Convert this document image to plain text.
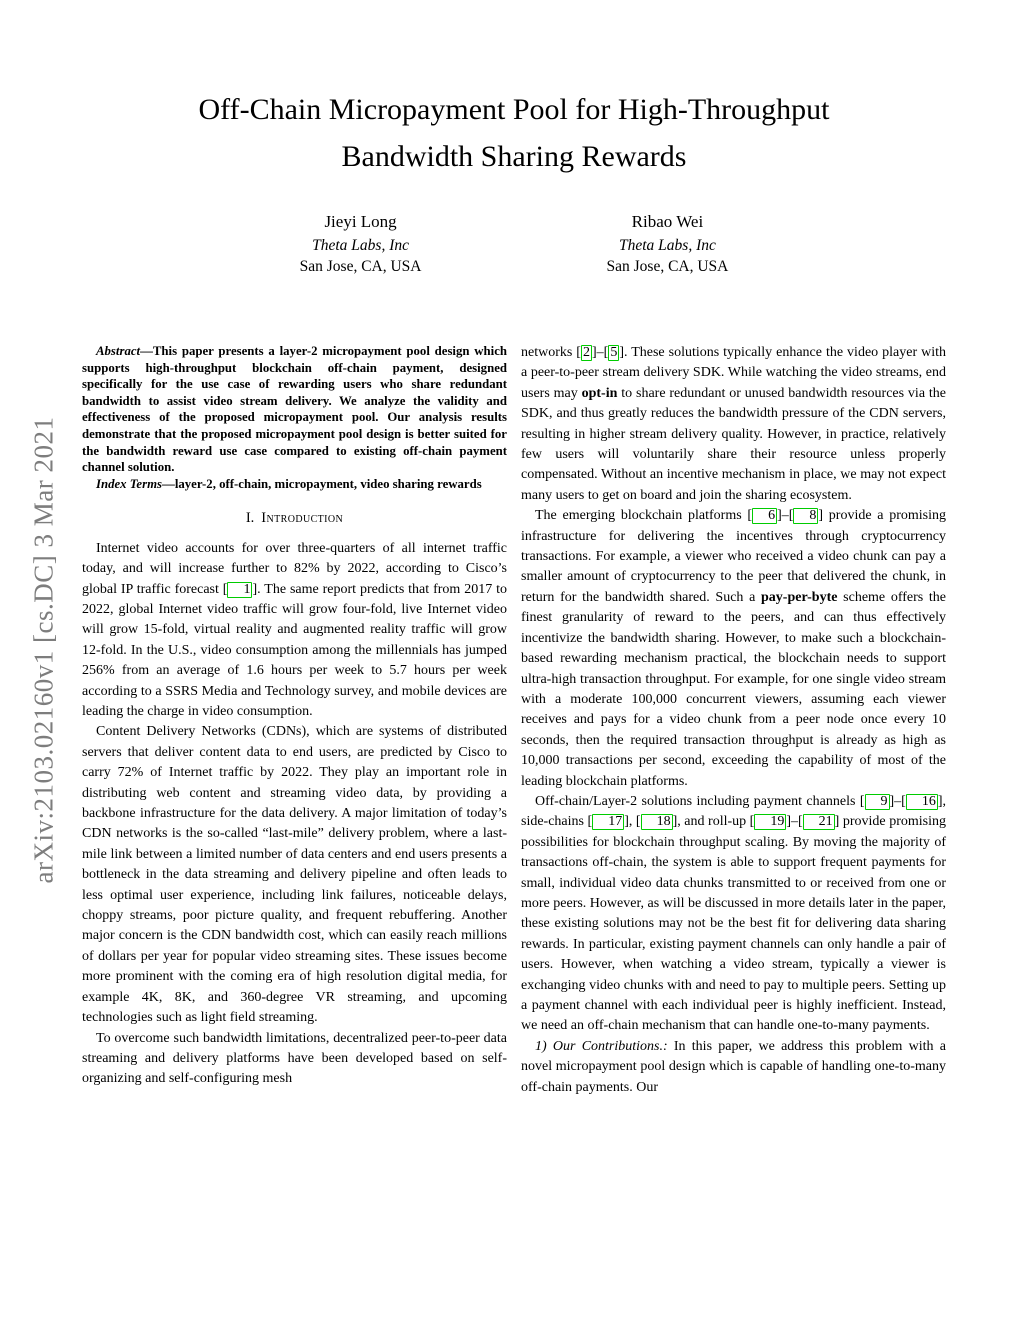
arXiv:2103.02160v1 [cs.DC] 3 Mar 2021
Off-Chain Micropayment Pool for High-Throughput
Bandwidth Sharing Rewards
Jieyi Long
Theta Labs, Inc
San Jose, CA, USA
Ribao Wei
Theta Labs, Inc
San Jose, CA, USA

Abstract—This paper presents a layer-2 micropayment pool design which supports high-throughput blockchain off-chain payment, designed specifically for the use case of rewarding users who share redundant bandwidth to assist video stream delivery. We analyze the validity and effectiveness of the proposed micropayment pool. Our analysis results demonstrate that the proposed micropayment pool design is better suited for the bandwidth reward use case compared to existing off-chain payment channel solution.

Index Terms—layer-2, off-chain, micropayment, video sharing rewards

I. Introduction

Internet video accounts for over three-quarters of all internet traffic today, and will increase further to 82% by 2022, according to Cisco’s global IP traffic forecast [ 1 ]. The same report predicts that from 2017 to 2022, global Internet video traffic will grow four-fold, live Internet video will grow 15-fold, virtual reality and augmented reality traffic will grow 12-fold. In the U.S., video consumption among the millennials has jumped 256% from an average of 1.6 hours per week to 5.7 hours per week according to a SSRS Media and Technology survey, and mobile devices are leading the charge in video consumption.

Content Delivery Networks (CDNs), which are systems of distributed servers that deliver content data to end users, are predicted by Cisco to carry 72% of Internet traffic by 2022. They play an important role in distributing web content and streaming video data, by providing a backbone infrastructure for the data delivery. A major limitation of today’s CDN networks is the so-called “last-mile” delivery problem, where a last-mile link between a limited number of data centers and end users presents a bottleneck in the data streaming and delivery pipeline and often leads to less optimal user experience, including link failures, noticeable delays, choppy streams, poor picture quality, and frequent rebuffering. Another major concern is the CDN bandwidth cost, which can easily reach millions of dollars per year for popular video streaming sites. These issues become more prominent with the coming era of high resolution digital media, for example 4K, 8K, and 360-degree VR streaming, and upcoming technologies such as light field streaming.

To overcome such bandwidth limitations, decentralized peer-to-peer data streaming and delivery platforms have been developed based on self-organizing and self-configuring mesh

networks [ 2 ]–[ 5 ]. These solutions typically enhance the video player with a peer-to-peer stream delivery SDK. While watching the video streams, end users may opt-in to share redundant or unused bandwidth resources via the SDK, and thus greatly reduces the bandwidth pressure of the CDN servers, resulting in higher stream delivery quality. However, in practice, relatively few users will voluntarily share their resource unless properly compensated. Without an incentive mechanism in place, we may not expect many users to get on board and join the sharing ecosystem.

The emerging blockchain platforms [ 6 ]–[ 8 ] provide a promising infrastructure for delivering the incentives through cryptocurrency transactions. For example, a viewer who received a video chunk can pay a smaller amount of cryptocurrency to the peer that delivered the chunk, in return for the bandwidth shared. Such a pay-per-byte scheme offers the finest granularity of reward to the peers, and can thus effectively incentivize the bandwidth sharing. However, to make such a blockchain-based rewarding mechanism practical, the blockchain needs to support ultra-high transaction throughput. For example, for one single video stream with a moderate 100,000 concurrent viewers, assuming each viewer receives and pays for a video chunk from a peer node once every 10 seconds, then the required transaction throughput is already as high as 10,000 transactions per second, exceeding the capability of most of the leading blockchain platforms.

Off-chain/Layer-2 solutions including payment channels [ 9 ]–[ 16 ], side-chains [ 17 ], [ 18 ], and roll-up [ 19 ]–[ 21 ] provide promising possibilities for blockchain throughput scaling. By moving the majority of transactions off-chain, the system is able to support frequent payments for small, individual video data chunks transmitted to or received from one or more peers. However, as will be discussed in more details later in the paper, these existing solutions may not be the best fit for delivering data sharing rewards. In particular, existing payment channels can only handle a pair of users. However, when watching a video stream, typically a viewer is exchanging video chunks with and need to pay to multiple peers. Setting up a payment channel with each individual peer is highly inefficient. Instead, we need an off-chain mechanism that can handle one-to-many payments.

1) Our Contributions.: In this paper, we address this problem with a novel micropayment pool design which is capable of handling one-to-many off-chain payments. Our
